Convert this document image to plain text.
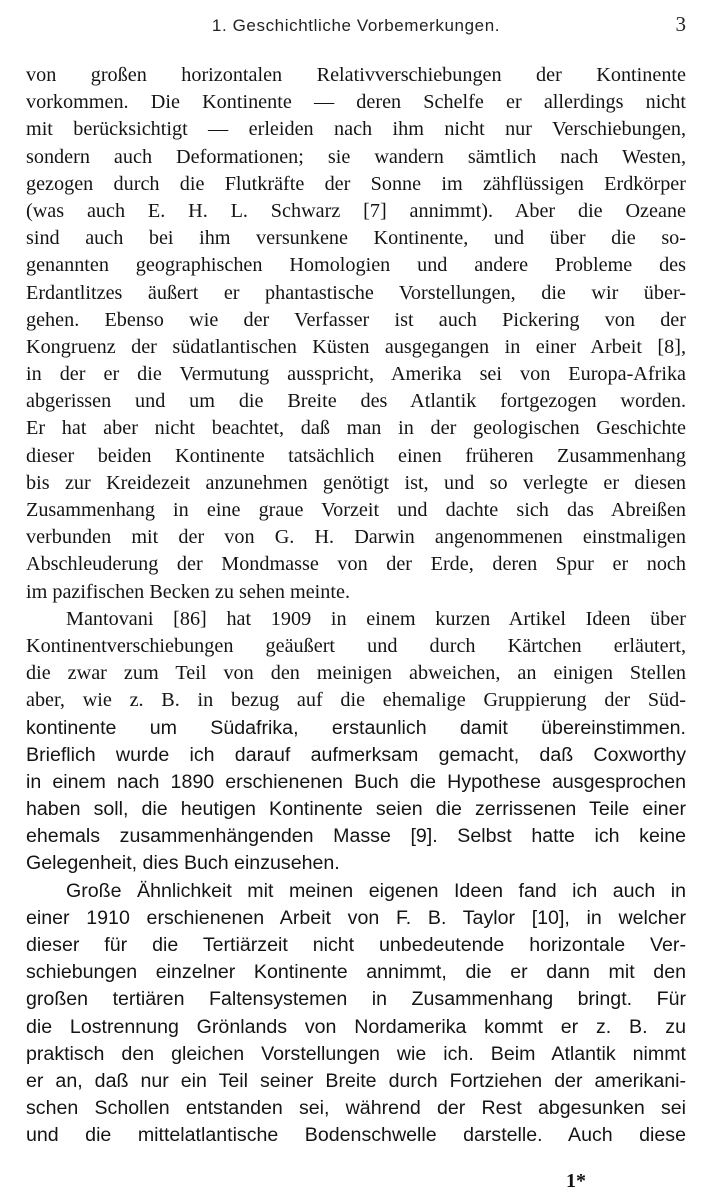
1. Geschichtliche Vorbemerkungen.	3
von großen horizontalen Relativverschiebungen der Kontinente
vorkommen. Die Kontinente — deren Schelfe er allerdings nicht
mit berücksichtigt — erleiden nach ihm nicht nur Verschiebungen,
sondern auch Deformationen; sie wandern sämtlich nach Westen,
gezogen durch die Flutkräfte der Sonne im zähflüssigen Erdkörper
(was auch E. H. L. Schwarz [7] annimmt). Aber die Ozeane
sind auch bei ihm versunkene Kontinente, und über die so-
genannten geographischen Homologien und andere Probleme des
Erdantlitzes äußert er phantastische Vorstellungen, die wir über-
gehen. Ebenso wie der Verfasser ist auch Pickering von der
Kongruenz der südatlantischen Küsten ausgegangen in einer Arbeit [8],
in der er die Vermutung ausspricht, Amerika sei von Europa-Afrika
abgerissen und um die Breite des Atlantik fortgezogen worden.
Er hat aber nicht beachtet, daß man in der geologischen Geschichte
dieser beiden Kontinente tatsächlich einen früheren Zusammenhang
bis zur Kreidezeit anzunehmen genötigt ist, und so verlegte er diesen
Zusammenhang in eine graue Vorzeit und dachte sich das Abreißen
verbunden mit der von G. H. Darwin angenommenen einstmaligen
Abschleuderung der Mondmasse von der Erde, deren Spur er noch
im pazifischen Becken zu sehen meinte.
Mantovani [86] hat 1909 in einem kurzen Artikel Ideen über
Kontinentverschiebungen geäußert und durch Kärtchen erläutert,
die zwar zum Teil von den meinigen abweichen, an einigen Stellen
aber, wie z. B. in bezug auf die ehemalige Gruppierung der Süd-
kontinente um Südafrika, erstaunlich damit übereinstimmen.
Brieflich wurde ich darauf aufmerksam gemacht, daß Coxworthy
in einem nach 1890 erschienenen Buch die Hypothese ausgesprochen
haben soll, die heutigen Kontinente seien die zerrissenen Teile einer
ehemals zusammenhängenden Masse [9]. Selbst hatte ich keine
Gelegenheit, dies Buch einzusehen.
Große Ähnlichkeit mit meinen eigenen Ideen fand ich auch in
einer 1910 erschienenen Arbeit von F. B. Taylor [10], in welcher
dieser für die Tertiärzeit nicht unbedeutende horizontale Ver-
schiebungen einzelner Kontinente annimmt, die er dann mit den
großen tertiären Faltensystemen in Zusammenhang bringt. Für
die Lostrennung Grönlands von Nordamerika kommt er z. B. zu
praktisch den gleichen Vorstellungen wie ich. Beim Atlantik nimmt
er an, daß nur ein Teil seiner Breite durch Fortziehen der amerikani-
schen Schollen entstanden sei, während der Rest abgesunken sei
und die mittelatlantische Bodenschwelle darstelle. Auch diese
1*
